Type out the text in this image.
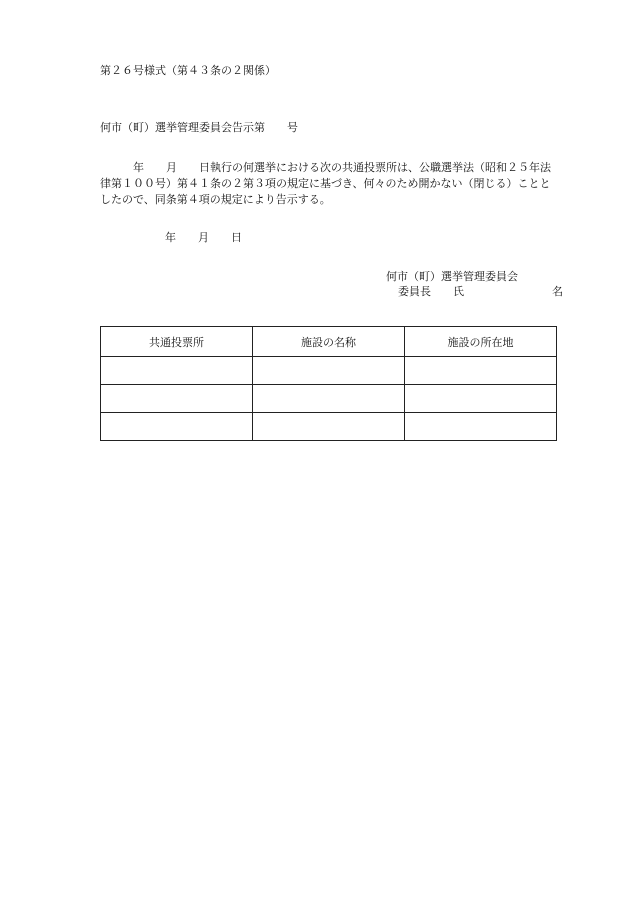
第２６号様式（第４３条の２関係）
何市（町）選挙管理委員会告示第　　号
　　　年　　月　　日執行の何選挙における次の共通投票所は、公職選挙法（昭和２５年法
律第１００号）第４１条の２第３項の規定に基づき、何々のため開かない（閉じる）ことと
したので、同条第４項の規定により告示する。
年　　月　　日
何市（町）選挙管理委員会
委員長　　氏　　　　　　　　名
共通投票所	施設の名称	施設の所在地
